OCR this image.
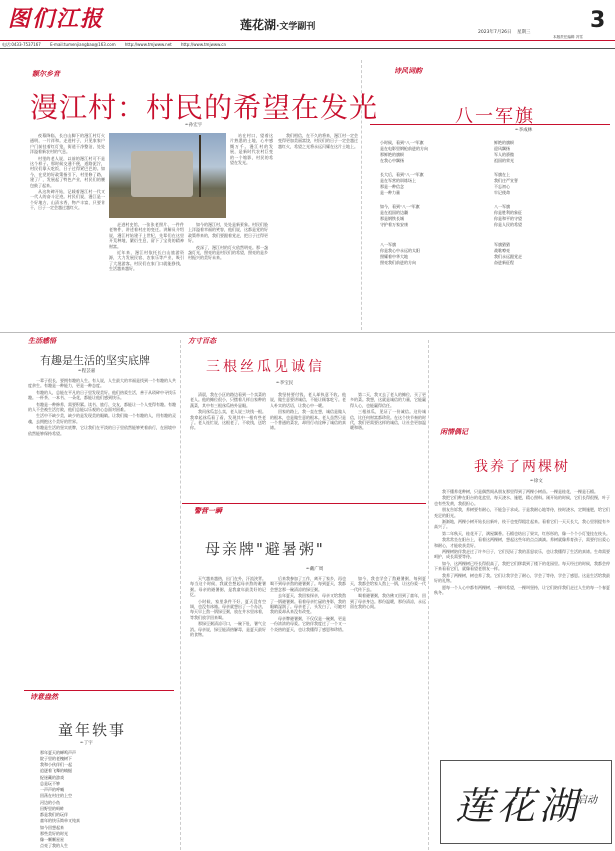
图们江报	莲花湖·文学副刊	3
2023年7月26日 星期三
本版责任编辑 冯雪
电话:0433-7537167 E-mail:tumenjiangbao@163.com http://www.tmjwww.net http://www.tmjwww.cn
额尔乡音
漫江村：村民的希望在发光
✒孙宏宇

夜幕降临，长白山脚下的漫江村灯火通明，一片祥和。走进村子，只见家家户户门前挂着红灯笼，街道干净整洁，处处洋溢着新农村的气息。

村里的老人说，以前的漫江村可不是这个样子。那时候交通不便，道路泥泞，村民们靠天吃饭，日子过得紧巴巴的。如今，在党的好政策指引下，村里修了路，建了厂，发展起了特色产业，村民们的腰包鼓了起来。

从这块碑开始，记载着漫江村一代又一代人的奋斗足迹。村民们说，漫江是一个好地方，山清水秀，物产丰富，只要肯干，日子一定会越过越红火。

走进村史馆，一张张老照片、一件件老物件，讲述着村庄的变迁。讲解员介绍说，漫江村始建于上世纪，先辈们在这里开荒种地，繁衍生息，留下了宝贵的精神财富。

近年来，漫江村依托长白山旅游资源，大力发展民宿、农家乐等产业，吸引了大批游客。村民们在家门口就能挣钱，生活越来越好。

如今的漫江村，处处是新景象。村民们脸上洋溢着幸福的笑容，他们说，这都是党的好政策带来的，我们要跟着党走，把日子过得更好。

夜深了，漫江村的灯火依然明亮。那一盏盏灯光，照亮的是村民们的希望，照亮的是乡村振兴的美好未来。

站在村口，望着这片熟悉的土地，心中感慨万千。漫江村的发展，是新时代农村巨变的一个缩影，村民的希望在发光。

我们相信，在不久的将来，漫江村一定会变得更加美丽富饶，村民们的日子一定会越过越红火，希望之光将永远闪耀在这片土地上。

诗风词韵
八一军旗
✒李成林
小时候，看到"八一"军旗
是在电影里钢枪前进的方向
那鲜艳的旗帜
在我心中飘扬
长大后，看到"八一"军旗
是在军营的训练场上
那是一种信念
是一种力量
如今，看到"八一"军旗
是在祖国的边疆
那是钢铁长城
守护着万家安康
八一军旗
你是我心中永远的太阳
照耀着中华大地
照亮我们前进的方向
鲜艳的旗帜
迎风飘扬
军人的骄傲
祖国的荣光
军旗在上
我们庄严宣誓
不忘初心
牢记使命
八一军旗
你是胜利的象征
你是和平的守望
你是人民的希望
军旗猎猎
战歌嘹亮
我们永远跟党走
奋进新征程
生活感悟
有趣是生活的坚实底牌
✒程芸嘉

一辈子很长，要拥有趣的人生。有人说，人生最大的幸福是找到一个有趣的人共度余生。有趣是一种能力，更是一种态度。

有趣的人，总能在平凡的日子里发现美好。他们热爱生活，善于从琐碎中寻找乐趣。一杯茶、一本书、一朵花，都能让他们感到快乐。

有趣是一种修养，需要积累。读书、旅行、交友，都能让一个人变得有趣。有趣的人不会被生活打败，他们总能以乐观的心态面对困难。

生活中不缺少美，缺少的是发现美的眼睛。让我们做一个有趣的人，用有趣的灵魂，去拥抱这个美好的世界。

有趣是生活的坚实底牌，它让我们在平淡的日子里依然能够笑着前行，在困境中依然能够保持希望。

方寸百态
三根丝瓜见诚信
✒李宝民

清晨，我在小区的路边看到一个卖菜的老人。他的摊位很小，只摆着几样自家种的蔬菜，其中有三根丝瓜格外显眼。

我问丝瓜怎么卖，老人说三块钱一根。我拿起丝瓜看了看，发现其中一根有些老了。老人连忙说，这根老了，不收钱，送给你。

我坚持要付钱，老人却执意不收。他说，做生意要讲诚信，不能让顾客吃亏。老人朴实的话语，让我心中一暖。

回家的路上，我一直在想，诚信是做人的根本，也是做生意的根本。老人虽然只是一个普通的菜农，却用行动诠释了诚信的真谛。

第二天，我又去了老人的摊位，买了更多的菜。我想，这就是诚信的力量，它能赢得人心，也能赢得信任。

三根丝瓜，见证了一份诚信。这份诚信，比任何财富都珍贵。在这个快节奏的时代，我们更需要这样的诚信，让社会更加温暖和谐。

闲情偶记
我养了两棵树
✒徐文

我不懂养花种树，只是偶然间从朋友那里得到了两棵小树苗。一棵是桂花，一棵是石榴。

我把它们种在阳台的花盆里，每天浇水、施肥，精心照料。刚开始的时候，它们长得很慢，叶子也有些发黄，我很担心。

朋友告诉我，养树要有耐心，不能急于求成。于是我耐心地等待，按时浇水，定期施肥，给它们充足的阳光。

渐渐地，两棵小树开始长出新叶，枝干也变得粗壮起来。看着它们一天天长大，我心里别提有多高兴了。

第二年秋天，桂花开了，满屋飘香。石榴也结出了果实，红彤彤的，像一个个小灯笼挂在枝头。

我常常坐在阳台上，看着这两棵树，想起这些年的点点滴滴。养树就像养育孩子，需要付出爱心和耐心，才能收获美好。

两棵树陪伴我走过了许多日子，它们见证了我的喜怒哀乐，也让我懂得了生活的真谛。生命需要呵护，成长需要等待。

如今，这两棵树已经长得很高了，我把它们移栽到了楼下的花园里。每天经过的时候，我都会停下来看看它们，就像看望老朋友一样。

我养了两棵树，树也养了我。它们让我学会了耐心，学会了等待，学会了感恩。这是生活给我最好的礼物。

愿每一个人心中都有两棵树，一棵叫希望，一棵叫坚持，让它们陪伴我们走过人生的每一个春夏秋冬。

诗意盎然
童年轶事
✒丁宇
那年夏天的蝉鸣声声
院子里的老槐树下
我和小伙伴们一起
追逐着飞舞的蜻蜓
捉迷藏的游戏
总是玩不够
一声声的呼喊
回荡在村庄的上空
河边的小鱼
田野里的蚂蚱
都是我们的玩伴
童年的快乐简单又纯真
如今回想起来
那些美好的时光
像一颗颗星星
点亮了我的人生
警营一瞬
母亲牌"避暑粥"
✒戴广周

天气越来越热，出门在外，汗流浃背。每当这个时候，我就会想起母亲熬的避暑粥。母亲的避暑粥，是我童年最美好的记忆。

小时候，家里条件不好，夏天没有空调，也没有冰箱。母亲就想出了一个办法，每天早上熬一锅绿豆粥，放在井水里冰着，等我们放学回来喝。

那绿豆粥清凉可口，一碗下肚，暑气全消。母亲说，绿豆能清热解毒，是夏天最好的食物。

后来我参加了工作，离开了家乡，再也喝不到母亲熬的避暑粥了。每到夏天，我都会想念那一碗清凉的绿豆粥。

去年夏天，我回家探亲，母亲又给我熬了一锅避暑粥。看着母亲忙碌的身影，我的眼睛湿润了。母亲老了，头发白了，可她对我的爱却从来没有改变。

母亲牌避暑粥，不仅仅是一碗粥，更是一份浓浓的母爱。它陪伴我度过了一个又一个炎热的夏天，也让我懂得了感恩和珍惜。

如今，我也学会了熬避暑粥，每到夏天，我都会给家人熬上一锅，让这份爱一代一代传下去。

喝着避暑粥，我仿佛又回到了童年，回到了母亲身边。那份温暖，那份清凉，永远留在我的心间。

莲花湖
启动
